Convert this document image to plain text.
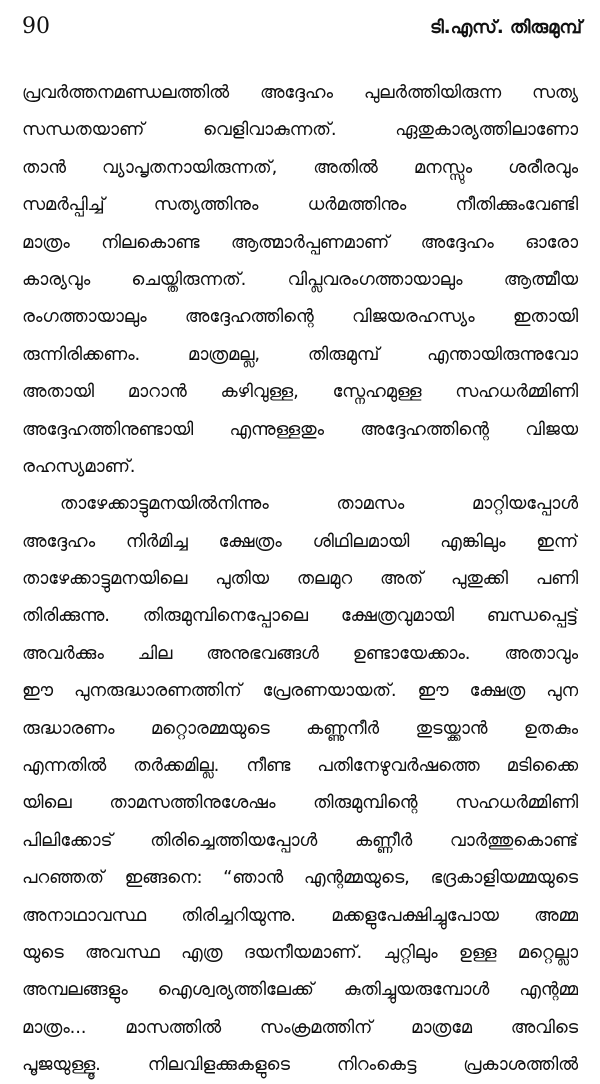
90	ടി.എസ്. തിരുമുമ്പ്
പ്രവർത്തനമണ്ഡലത്തിൽ അദ്ദേഹം പുലർത്തിയിരുന്ന സത്യ
സന്ധതയാണ് വെളിവാകുന്നത്. ഏതുകാര്യത്തിലാണോ
താൻ വ്യാപൃതനായിരുന്നത്, അതിൽ മനസ്സും ശരീരവും
സമർപ്പിച്ച് സത്യത്തിനും ധർമത്തിനും നീതിക്കുംവേണ്ടി
മാത്രം നിലകൊണ്ട ആത്മാർപ്പണമാണ് അദ്ദേഹം ഓരോ
കാര്യവും ചെയ്തിരുന്നത്. വിപ്ലവരംഗത്തായാലും ആത്മീയ
രംഗത്തായാലും അദ്ദേഹത്തിന്റെ വിജയരഹസ്യം ഇതായി
രുന്നിരിക്കണം. മാത്രമല്ല, തിരുമുമ്പ് എന്തായിരുന്നുവോ
അതായി മാറാൻ കഴിവുള്ള, സ്നേഹമുള്ള സഹധർമ്മിണി
അദ്ദേഹത്തിനുണ്ടായി എന്നുള്ളതും അദ്ദേഹത്തിന്റെ വിജയ
രഹസ്യമാണ്.
താഴേക്കാട്ടുമനയിൽനിന്നും താമസം മാറ്റിയപ്പോൾ
അദ്ദേഹം നിർമിച്ച ക്ഷേത്രം ശിഥിലമായി എങ്കിലും ഇന്ന്
താഴേക്കാട്ടുമനയിലെ പുതിയ തലമുറ അത് പുതുക്കി പണി
തിരിക്കുന്നു. തിരുമുമ്പിനെപ്പോലെ ക്ഷേത്രവുമായി ബന്ധപ്പെട്ട്
അവർക്കും ചില അനുഭവങ്ങൾ ഉണ്ടായേക്കാം. അതാവും
ഈ പുനരുദ്ധാരണത്തിന് പ്രേരണയായത്. ഈ ക്ഷേത്ര പുന
രുദ്ധാരണം മറ്റൊരമ്മയുടെ കണ്ണുനീർ തുടയ്ക്കാൻ ഉതകും
എന്നതിൽ തർക്കമില്ല. നീണ്ട പതിനേഴുവർഷത്തെ മടിക്കൈ
യിലെ താമസത്തിനുശേഷം തിരുമുമ്പിന്റെ സഹധർമ്മിണി
പിലിക്കോട് തിരിച്ചെത്തിയപ്പോൾ കണ്ണീർ വാർത്തുകൊണ്ട്
പറഞ്ഞത് ഇങ്ങനെ: “ഞാൻ എന്റമ്മയുടെ, ഭദ്രകാളിയമ്മയുടെ
അനാഥാവസ്ഥ തിരിച്ചറിയുന്നു. മക്കളുപേക്ഷിച്ചുപോയ അമ്മ
യുടെ അവസ്ഥ എത്ര ദയനീയമാണ്. ചുറ്റിലും ഉള്ള മറ്റെല്ലാ
അമ്പലങ്ങളും ഐശ്വര്യത്തിലേക്ക് കുതിച്ചുയരുമ്പോൾ എന്റമ്മ
മാത്രം... മാസത്തിൽ സംക്രമത്തിന് മാത്രമേ അവിടെ
പൂജയുള്ളൂ. നിലവിളക്കുകളുടെ നിറംകെട്ട പ്രകാശത്തിൽ
